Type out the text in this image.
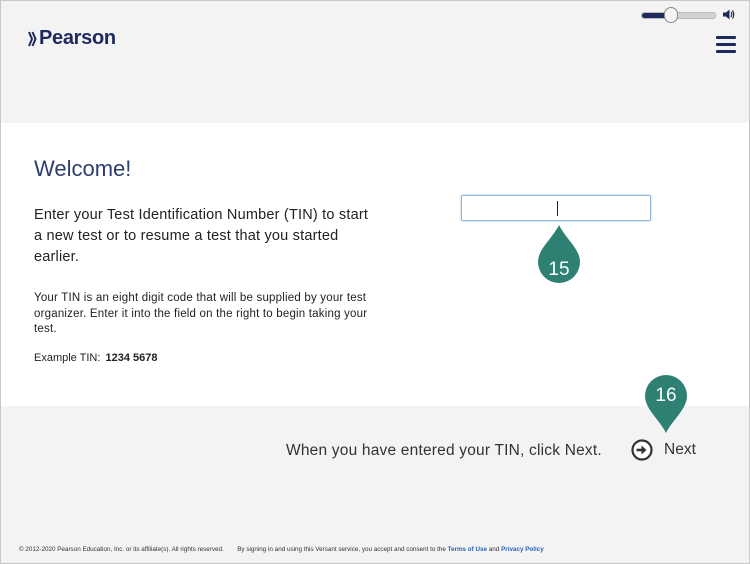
Pearson
Welcome!

Enter your Test Identification Number (TIN) to start a new test or to resume a test that you started earlier.

Your TIN is an eight digit code that will be supplied by your test organizer. Enter it into the field on the right to begin taking your test.

Example TIN: 1234 5678
15
16
When you have entered your TIN, click Next.	Next
© 2012-2020 Pearson Education, Inc. or its affiliate(s). All rights reserved. By signing in and using this Versant service, you accept and consent to the Terms of Use and Privacy Policy
